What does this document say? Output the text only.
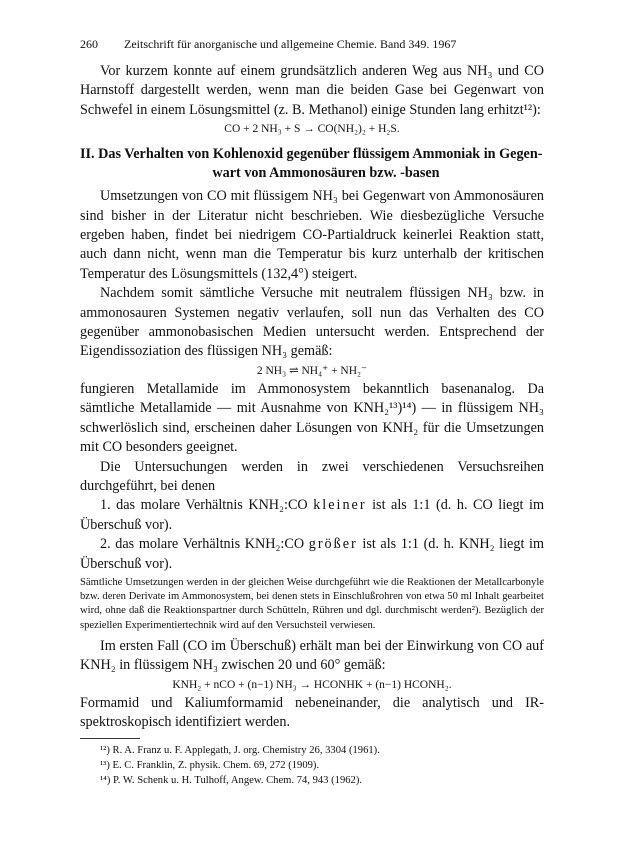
260	Zeitschrift für anorganische und allgemeine Chemie. Band 349. 1967

Vor kurzem konnte auf einem grundsätzlich anderen Weg aus NH₃ und CO Harnstoff dargestellt werden, wenn man die beiden Gase bei Gegenwart von Schwefel in einem Lösungsmittel (z. B. Methanol) einige Stunden lang erhitzt¹²):

CO + 2 NH₃ + S → CO(NH₂)₂ + H₂S.

II. Das Verhalten von Kohlenoxid gegenüber flüssigem Ammoniak in Gegen-
wart von Ammonosäuren bzw. -basen

Umsetzungen von CO mit flüssigem NH₃ bei Gegenwart von Ammonosäuren sind bisher in der Literatur nicht beschrieben. Wie diesbezügliche Versuche ergeben haben, findet bei niedrigem CO-Partialdruck keinerlei Reaktion statt, auch dann nicht, wenn man die Temperatur bis kurz unterhalb der kritischen Temperatur des Lösungsmittels (132,4°) steigert.

Nachdem somit sämtliche Versuche mit neutralem flüssigen NH₃ bzw. in ammonosauren Systemen negativ verlaufen, soll nun das Verhalten des CO gegenüber ammonobasischen Medien untersucht werden. Entsprechend der Eigendissoziation des flüssigen NH₃ gemäß:

2 NH₃ ⇌ NH₄⁺ + NH₂⁻

fungieren Metallamide im Ammonosystem bekanntlich basenanalog. Da sämtliche Metallamide — mit Ausnahme von KNH₂¹³)¹⁴) — in flüssigem NH₃ schwerlöslich sind, erscheinen daher Lösungen von KNH₂ für die Umsetzungen mit CO besonders geeignet.

Die Untersuchungen werden in zwei verschiedenen Versuchsreihen durchgeführt, bei denen

1. das molare Verhältnis KNH₂:CO kleiner ist als 1:1 (d. h. CO liegt im Überschuß vor).

2. das molare Verhältnis KNH₂:CO größer ist als 1:1 (d. h. KNH₂ liegt im Überschuß vor).

Sämtliche Umsetzungen werden in der gleichen Weise durchgeführt wie die Reaktionen der Metallcarbonyle bzw. deren Derivate im Ammonosystem, bei denen stets in Einschlußrohren von etwa 50 ml Inhalt gearbeitet wird, ohne daß die Reaktionspartner durch Schütteln, Rühren und dgl. durchmischt werden²). Bezüglich der speziellen Experimentiertechnik wird auf den Versuchsteil verwiesen.

Im ersten Fall (CO im Überschuß) erhält man bei der Einwirkung von CO auf KNH₂ in flüssigem NH₃ zwischen 20 und 60° gemäß:

KNH₂ + nCO + (n−1) NH₃ → HCONHK + (n−1) HCONH₂.

Formamid und Kaliumformamid nebeneinander, die analytisch und IR-spektroskopisch identifiziert werden.

¹²) R. A. Franz u. F. Applegath, J. org. Chemistry 26, 3304 (1961).
¹³) E. C. Franklin, Z. physik. Chem. 69, 272 (1909).
¹⁴) P. W. Schenk u. H. Tulhoff, Angew. Chem. 74, 943 (1962).
